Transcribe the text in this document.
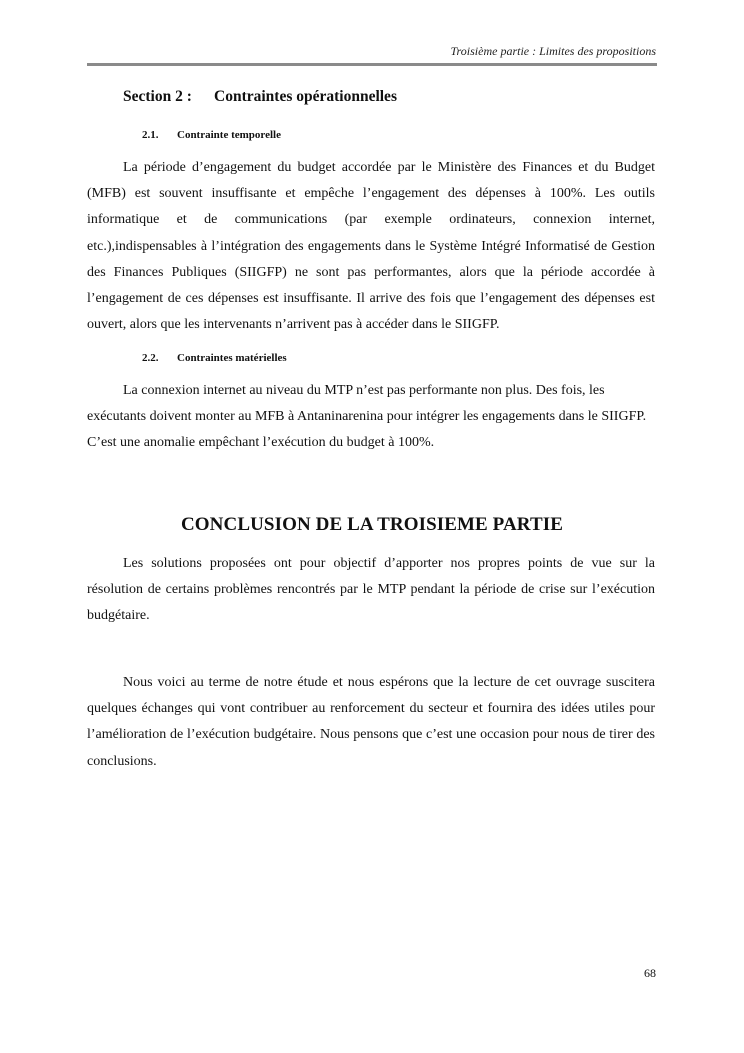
Troisième partie : Limites des propositions
Section 2 : Contraintes opérationnelles
2.1. Contrainte temporelle

La période d’engagement du budget accordée par le Ministère des Finances et du Budget (MFB) est souvent insuffisante et empêche l’engagement des dépenses à 100%. Les outils informatique et de communications (par exemple ordinateurs, connexion internet, etc.),indispensables à l’intégration des engagements dans le Système Intégré Informatisé de Gestion des Finances Publiques (SIIGFP) ne sont pas performantes, alors que la période accordée à l’engagement de ces dépenses est insuffisante. Il arrive des fois que l’engagement des dépenses est ouvert, alors que les intervenants n’arrivent pas à accéder dans le SIIGFP.

2.2. Contraintes matérielles

La connexion internet au niveau du MTP n’est pas performante non plus. Des fois, les exécutants doivent monter au MFB à Antaninarenina pour intégrer les engagements dans le SIIGFP. C’est une anomalie empêchant l’exécution du budget à 100%.

CONCLUSION DE LA TROISIEME PARTIE

Les solutions proposées ont pour objectif d’apporter nos propres points de vue sur la résolution de certains problèmes rencontrés par le MTP pendant la période de crise sur l’exécution budgétaire.

Nous voici au terme de notre étude et nous espérons que la lecture de cet ouvrage suscitera quelques échanges qui vont contribuer au renforcement du secteur et fournira des idées utiles pour l’amélioration de l’exécution budgétaire. Nous pensons que c’est une occasion pour nous de tirer des conclusions.

68
